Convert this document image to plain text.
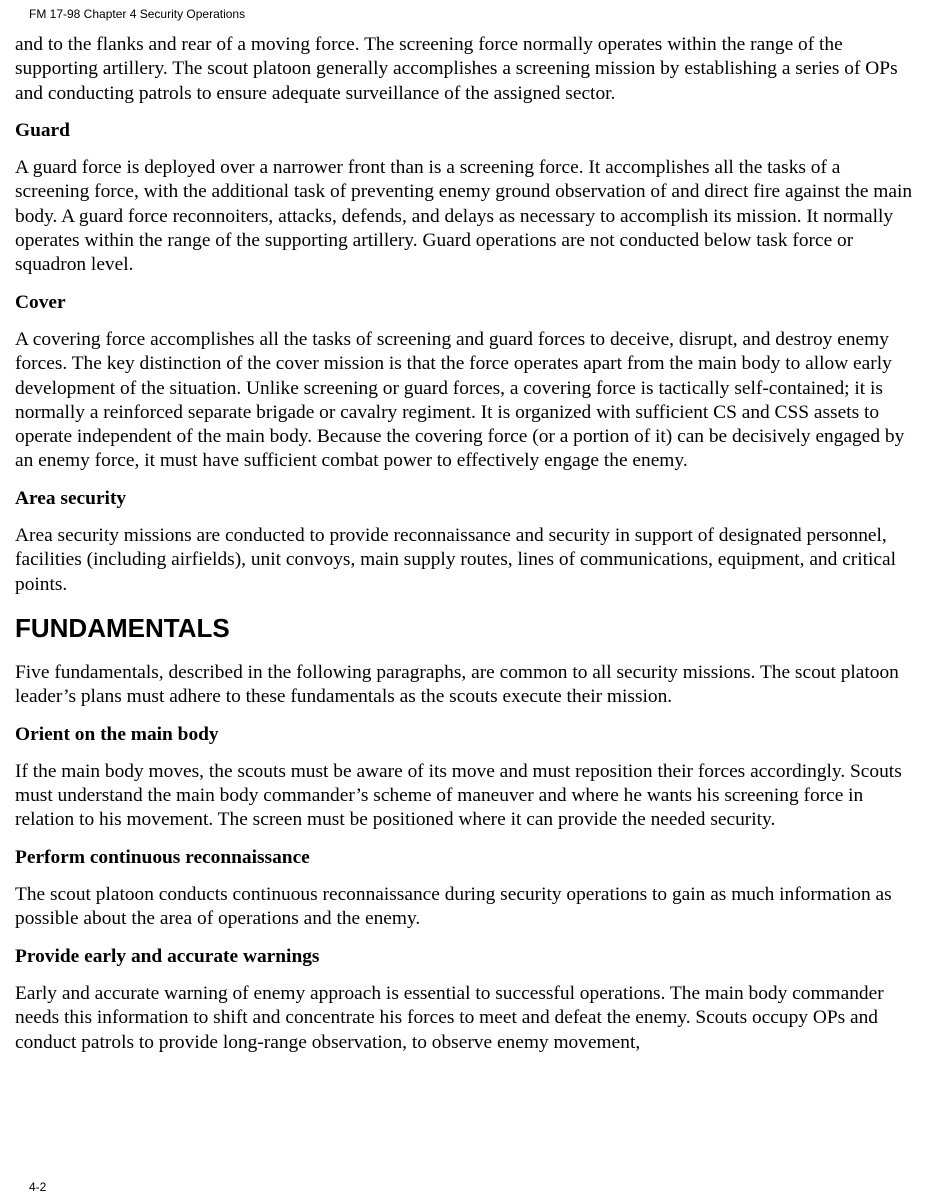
FM 17-98 Chapter 4 Security Operations

and to the flanks and rear of a moving force. The screening force normally operates within the range of the supporting artillery. The scout platoon generally accomplishes a screening mission by establishing a series of OPs and conducting patrols to ensure adequate surveillance of the assigned sector.

Guard

A guard force is deployed over a narrower front than is a screening force. It accomplishes all the tasks of a screening force, with the additional task of preventing enemy ground observation of and direct fire against the main body. A guard force reconnoiters, attacks, defends, and delays as necessary to accomplish its mission. It normally operates within the range of the supporting artillery. Guard operations are not conducted below task force or squadron level.

Cover

A covering force accomplishes all the tasks of screening and guard forces to deceive, disrupt, and destroy enemy forces. The key distinction of the cover mission is that the force operates apart from the main body to allow early development of the situation. Unlike screening or guard forces, a covering force is tactically self-contained; it is normally a reinforced separate brigade or cavalry regiment. It is organized with sufficient CS and CSS assets to operate independent of the main body. Because the covering force (or a portion of it) can be decisively engaged by an enemy force, it must have sufficient combat power to effectively engage the enemy.

Area security

Area security missions are conducted to provide reconnaissance and security in support of designated personnel, facilities (including airfields), unit convoys, main supply routes, lines of communications, equipment, and critical points.

FUNDAMENTALS

Five fundamentals, described in the following paragraphs, are common to all security missions. The scout platoon leader’s plans must adhere to these fundamentals as the scouts execute their mission.

Orient on the main body

If the main body moves, the scouts must be aware of its move and must reposition their forces accordingly. Scouts must understand the main body commander’s scheme of maneuver and where he wants his screening force in relation to his movement. The screen must be positioned where it can provide the needed security.

Perform continuous reconnaissance

The scout platoon conducts continuous reconnaissance during security operations to gain as much information as possible about the area of operations and the enemy.

Provide early and accurate warnings

Early and accurate warning of enemy approach is essential to successful operations. The main body commander needs this information to shift and concentrate his forces to meet and defeat the enemy. Scouts occupy OPs and conduct patrols to provide long-range observation, to observe enemy movement,

4-2
